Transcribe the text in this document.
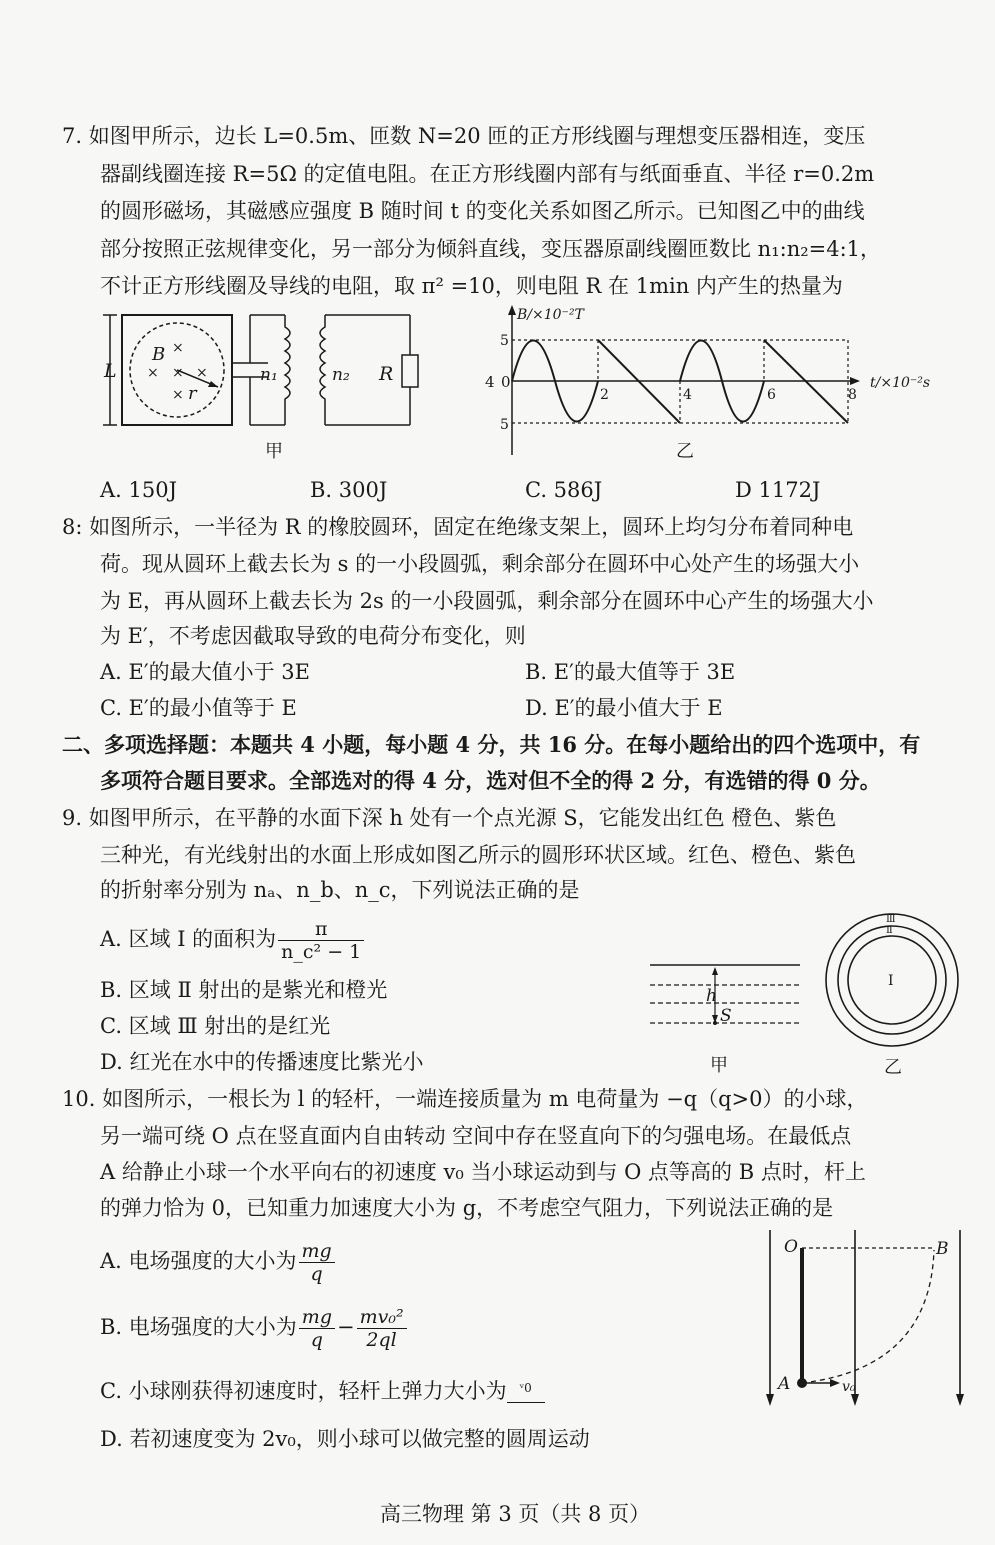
7. 如图甲所示，边长 L=0.5m、匝数 N=20 匝的正方形线圈与理想变压器相连，变压
器副线圈连接 R=5Ω 的定值电阻。在正方形线圈内部有与纸面垂直、半径 r=0.2m
的圆形磁场，其磁感应强度 B 随时间 t 的变化关系如图乙所示。已知图乙中的曲线
部分按照正弦规律变化，另一部分为倾斜直线，变压器原副线圈匝数比 n₁:n₂=4:1，
不计正方形线圈及导线的电阻，取 π² =10，则电阻 R 在 1min 内产生的热量为
L
B ×
× × ×
× r
n₁	n₂ R
甲
B/×10⁻²T
t/×10⁻²s
0
4
5
5
2	4	6	8
乙
A. 150J	B. 300J	C. 586J	D 1172J
8: 如图所示，一半径为 R 的橡胶圆环，固定在绝缘支架上，圆环上均匀分布着同种电
荷。现从圆环上截去长为 s 的一小段圆弧，剩余部分在圆环中心处产生的场强大小
为 E，再从圆环上截去长为 2s 的一小段圆弧，剩余部分在圆环中心产生的场强大小
为 E′，不考虑因截取导致的电荷分布变化，则
A. E′的最大值小于 3E	B. E′的最大值等于 3E
C. E′的最小值等于 E	D. E′的最小值大于 E
二、多项选择题：本题共 4 小题，每小题 4 分，共 16 分。在每小题给出的四个选项中，有
多项符合题目要求。全部选对的得 4 分，选对但不全的得 2 分，有选错的得 0 分。
9. 如图甲所示，在平静的水面下深 h 处有一个点光源 S，它能发出红色 橙色、紫色
三种光，有光线射出的水面上形成如图乙所示的圆形环状区域。红色、橙色、紫色
的折射率分别为 nₐ、n_b、n_c，下列说法正确的是
A. 区域 Ⅰ 的面积为 $\frac{\pi}{\text{n\_c² − 1}}$
B. 区域 Ⅱ 射出的是紫光和橙光
C. 区域 Ⅲ 射出的是红光
D. 红光在水中的传播速度比紫光小
h
S
甲
I
Ⅱ
Ⅲ
乙
10. 如图所示，一根长为 l 的轻杆，一端连接质量为 m 电荷量为 −q（q>0）的小球，
另一端可绕 O 点在竖直面内自由转动 空间中存在竖直向下的匀强电场。在最低点
A 给静止小球一个水平向右的初速度 v₀ 当小球运动到与 O 点等高的 B 点时，杆上
的弹力恰为 0，已知重力加速度大小为 g，不考虑空气阻力，下列说法正确的是
A. 电场强度的大小为 $\frac{mg}{q}$
B. 电场强度的大小为 $\frac{mg}{q} - \frac{\text{mv₀²}}{2ql}$
C. 小球刚获得初速度时，轻杆上弹力大小为 ᵛ0
D. 若初速度变为 2v₀，则小球可以做完整的圆周运动
O	B
A	v₀
高三物理 第 3 页（共 8 页）
